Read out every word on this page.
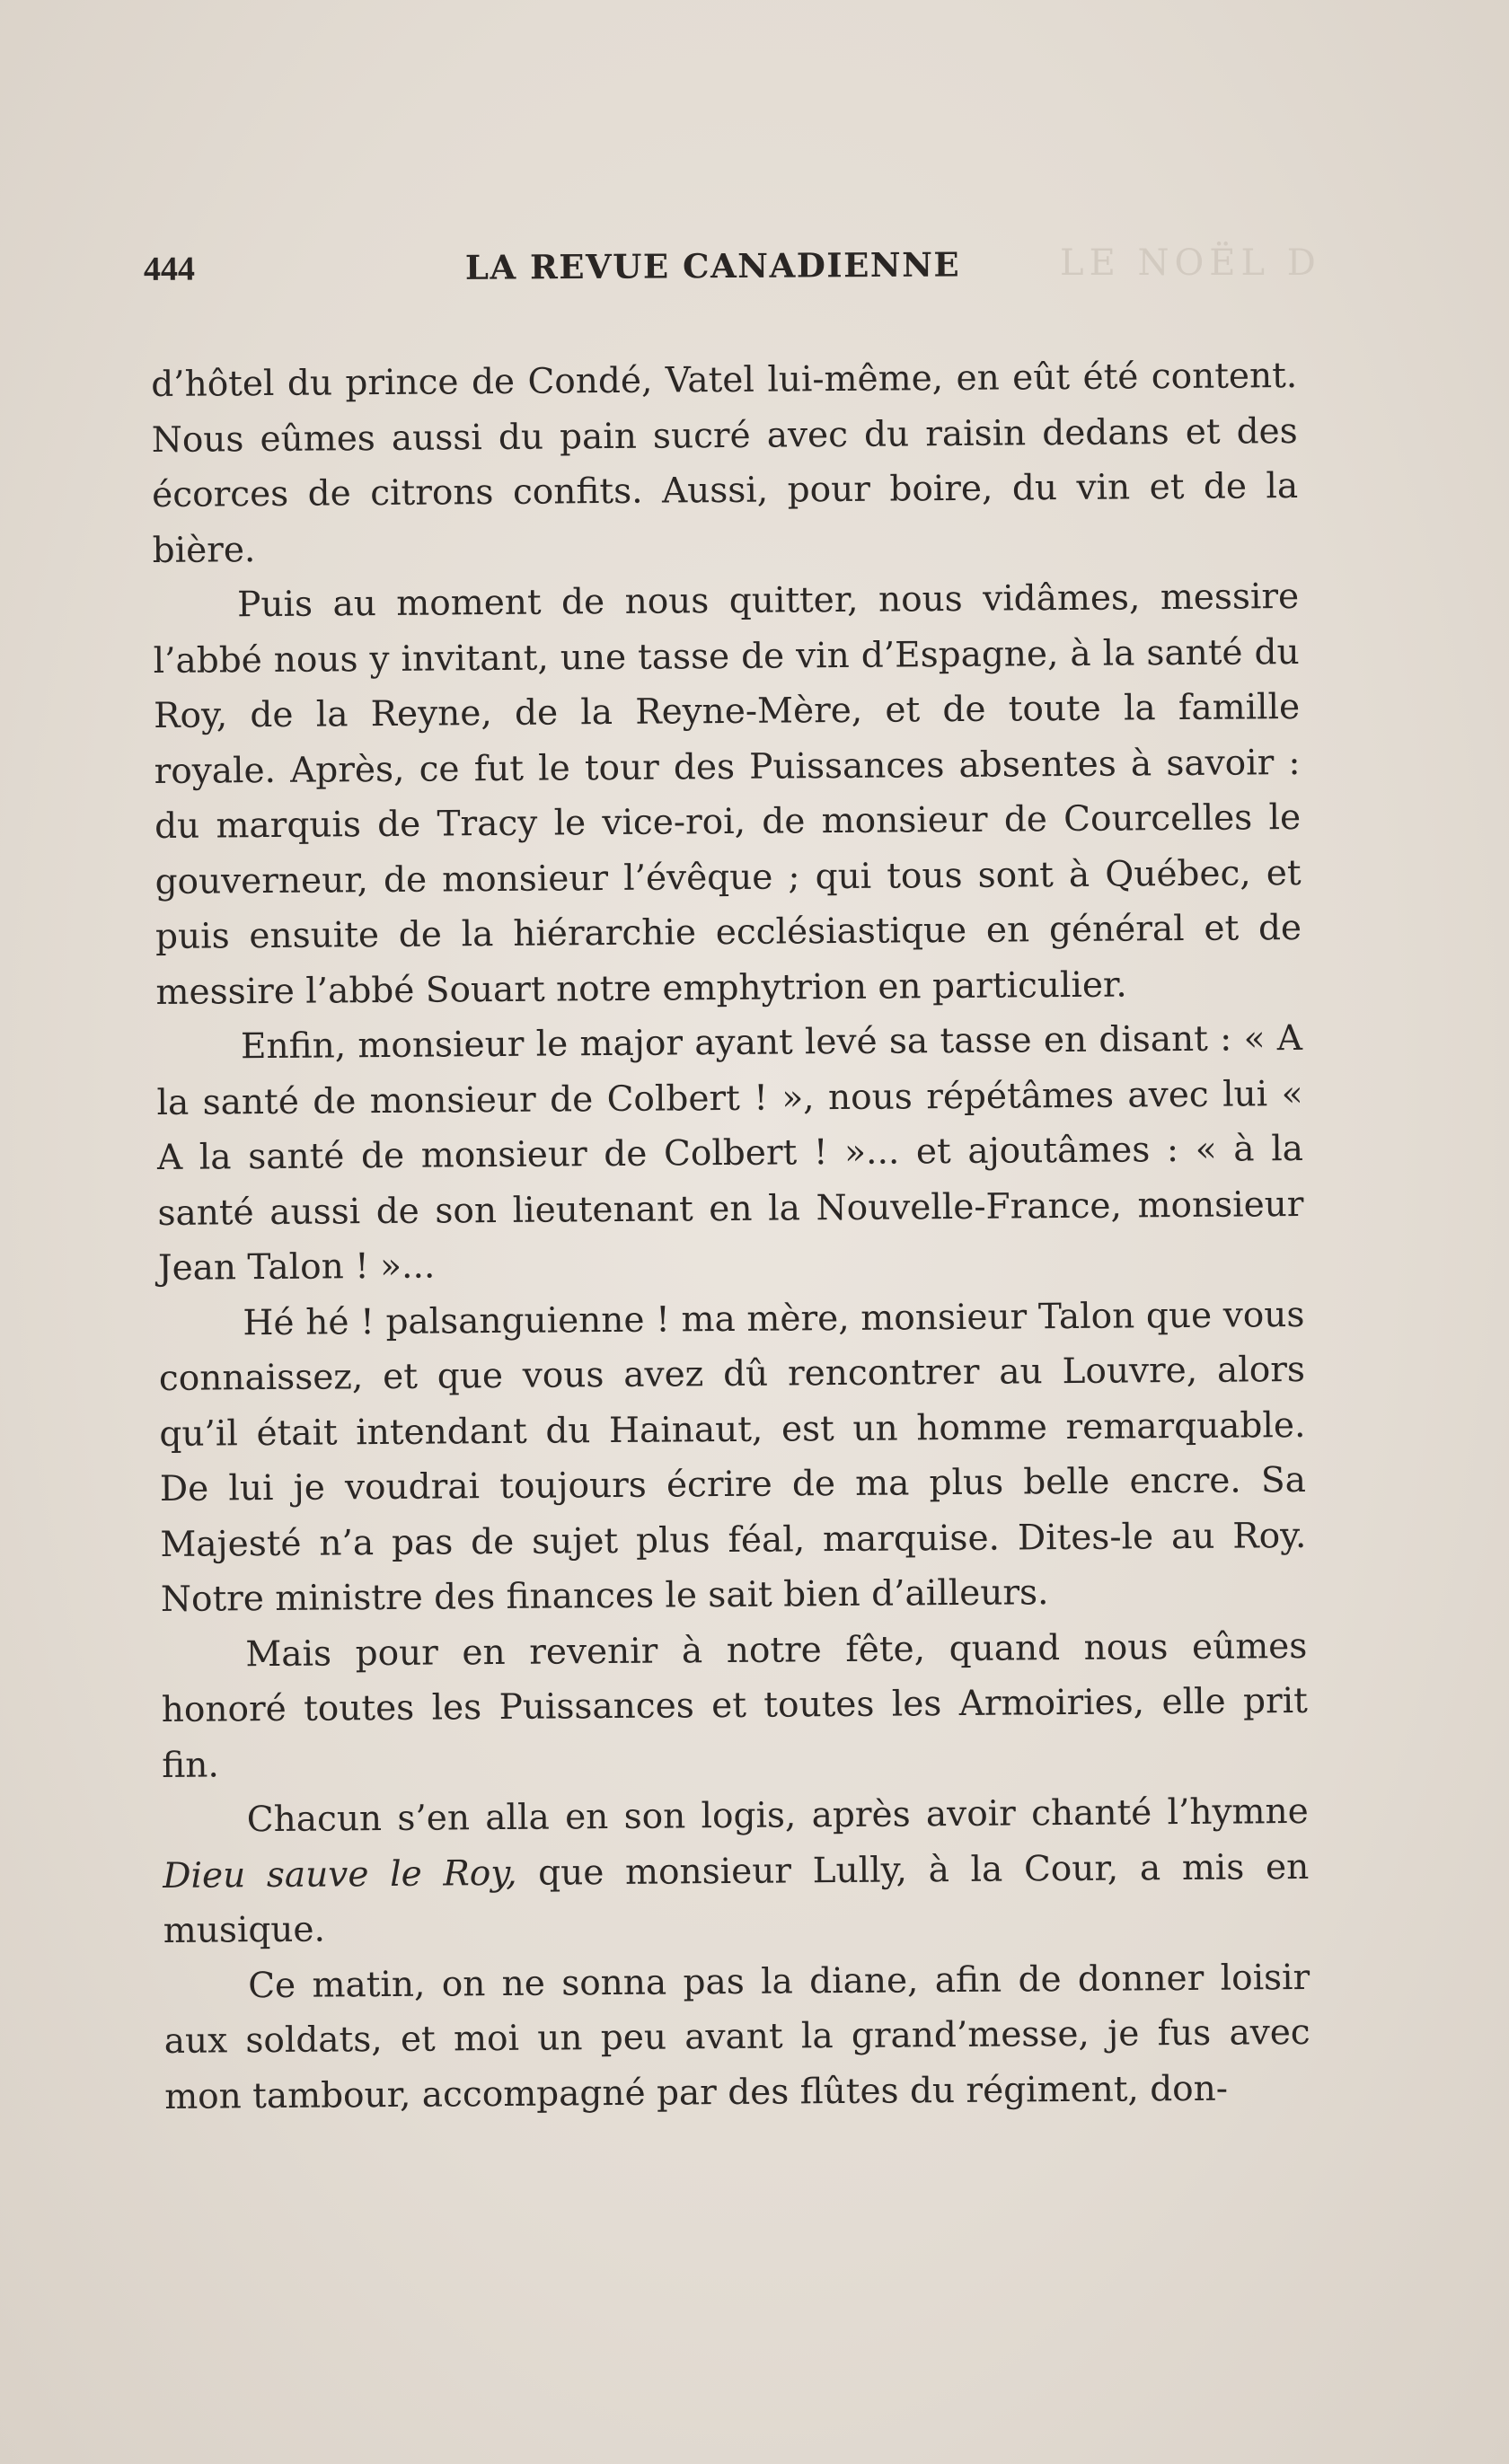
LE NOËL D
444	LA REVUE CANADIENNE

d’hôtel du prince de Condé, Vatel lui-même, en eût été content. Nous eûmes aussi du pain sucré avec du raisin dedans et des écorces de citrons confits. Aussi, pour boire, du vin et de la bière.

Puis au moment de nous quitter, nous vidâmes, messire l’abbé nous y invitant, une tasse de vin d’Espagne, à la santé du Roy, de la Reyne, de la Reyne-Mère, et de toute la famille royale. Après, ce fut le tour des Puissances absentes à savoir : du marquis de Tracy le vice-roi, de monsieur de Courcelles le gouverneur, de monsieur l’évêque ; qui tous sont à Québec, et puis ensuite de la hiérarchie ecclésiastique en général et de messire l’abbé Souart notre emphytrion en particulier.

Enfin, monsieur le major ayant levé sa tasse en disant : « A la santé de monsieur de Colbert ! », nous répétâmes avec lui « A la santé de monsieur de Colbert ! »... et ajoutâmes : « à la santé aussi de son lieutenant en la Nouvelle-France, monsieur Jean Talon ! »...

Hé hé ! palsanguienne ! ma mère, monsieur Talon que vous connaissez, et que vous avez dû rencontrer au Louvre, alors qu’il était intendant du Hainaut, est un homme remarquable. De lui je voudrai toujours écrire de ma plus belle encre. Sa Majesté n’a pas de sujet plus féal, marquise. Dites-le au Roy. Notre ministre des finances le sait bien d’ailleurs.

Mais pour en revenir à notre fête, quand nous eûmes honoré toutes les Puissances et toutes les Armoiries, elle prit fin.

Chacun s’en alla en son logis, après avoir chanté l’hymne Dieu sauve le Roy, que monsieur Lully, à la Cour, a mis en musique.

Ce matin, on ne sonna pas la diane, afin de donner loisir aux soldats, et moi un peu avant la grand’messe, je fus avec mon tambour, accompagné par des flûtes du régiment, don-
